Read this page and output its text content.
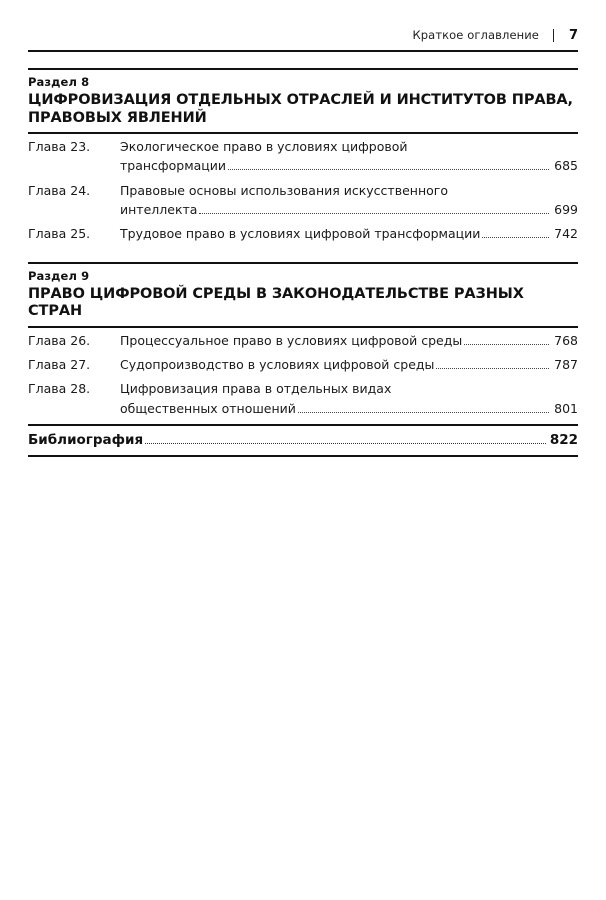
Краткое оглавление 7
Раздел 8
ЦИФРОВИЗАЦИЯ ОТДЕЛЬНЫХ ОТРАСЛЕЙ И ИНСТИТУТОВ ПРАВА, ПРАВОВЫХ ЯВЛЕНИЙ
Глава 23.	Экологическое право в условиях цифровой
трансформации	685
Глава 24.	Правовые основы использования искусственного
интеллекта	699
Глава 25.	Трудовое право в условиях цифровой трансформации	742
Раздел 9
ПРАВО ЦИФРОВОЙ СРЕДЫ В ЗАКОНОДАТЕЛЬСТВЕ РАЗНЫХ СТРАН
Глава 26.	Процессуальное право в условиях цифровой среды	768
Глава 27.	Судопроизводство в условиях цифровой среды	787
Глава 28.	Цифровизация права в отдельных видах
общественных отношений	801
Библиография	822
